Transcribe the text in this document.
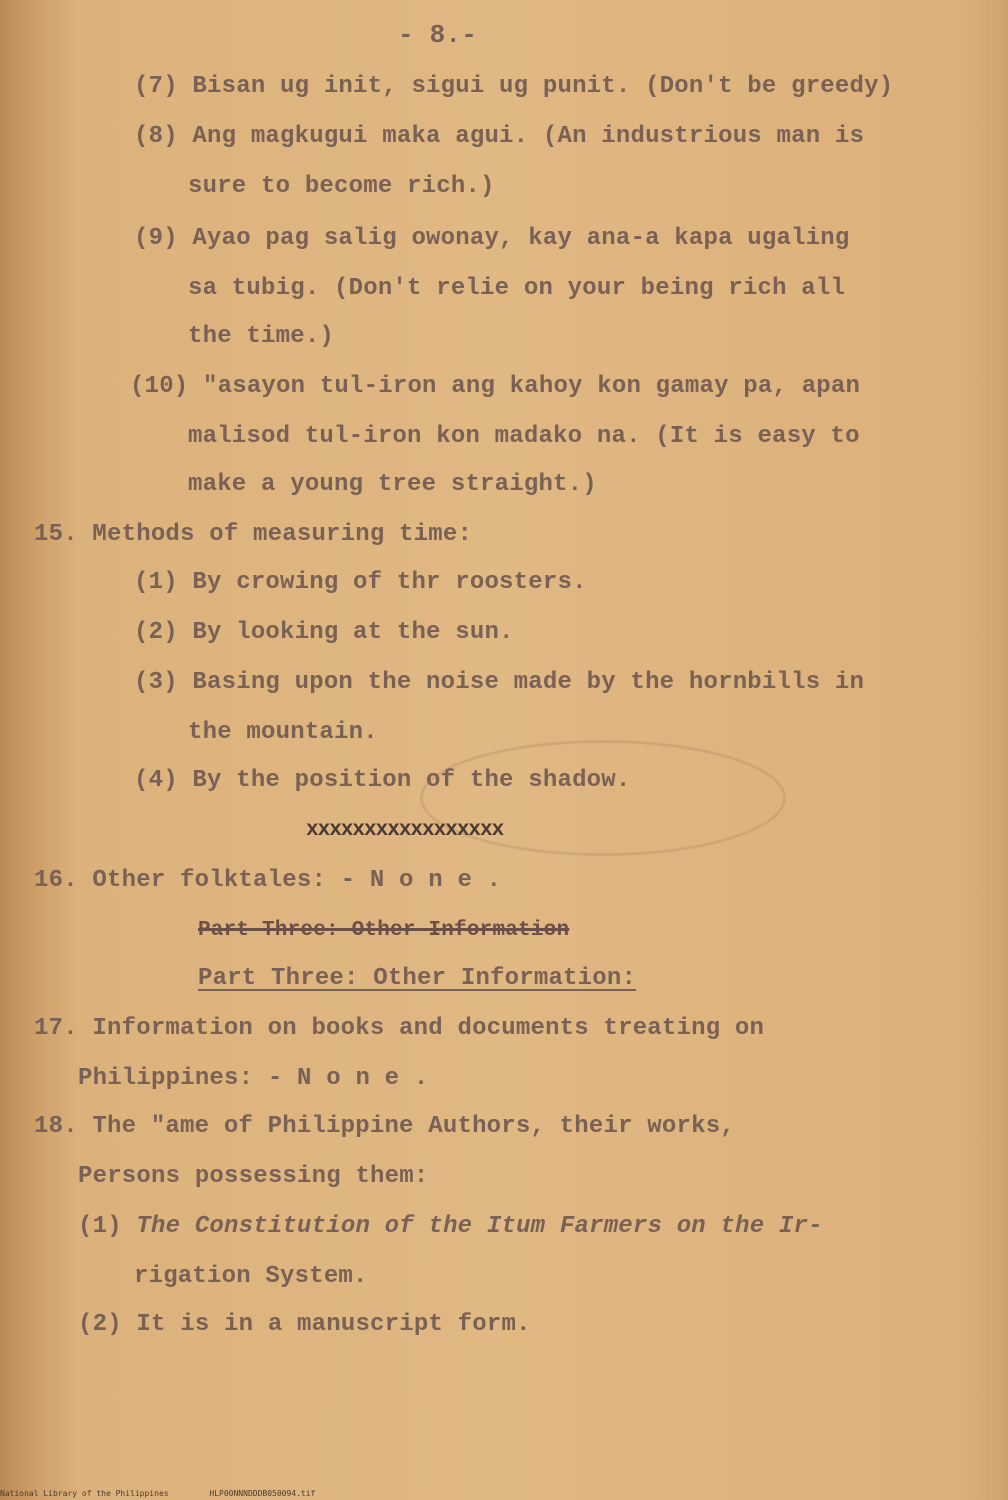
- 8.-
(7) Bisan ug init, sigui ug punit. (Don't be greedy)
(8) Ang magkugui maka agui. (An industrious man is
sure to become rich.)
(9) Ayao pag salig owonay, kay ana-a kapa ugaling
sa tubig. (Don't relie on your being rich all
the time.)
(10) "asayon tul-iron ang kahoy kon gamay pa, apan
malisod tul-iron kon madako na. (It is easy to
make a young tree straight.)
15. Methods of measuring time:
(1) By crowing of thr roosters.
(2) By looking at the sun.
(3) Basing upon the noise made by the hornbills in
the mountain.
(4) By the position of the shadow.
xxxxxxxxxxxxxxxxx
16. Other folktales: - N o n e .
Part Three: Other Information
Part Three: Other Information:
17. Information on books and documents treating on
Philippines: - N o n e .
18. The "ame of Philippine Authors, their works,
Persons possessing them:
(1) The Constitution of the Itum Farmers on the Ir-
rigation System.
(2) It is in a manuscript form.
National Library of the Philippines	HLP00NNNDDDB050094.tif
